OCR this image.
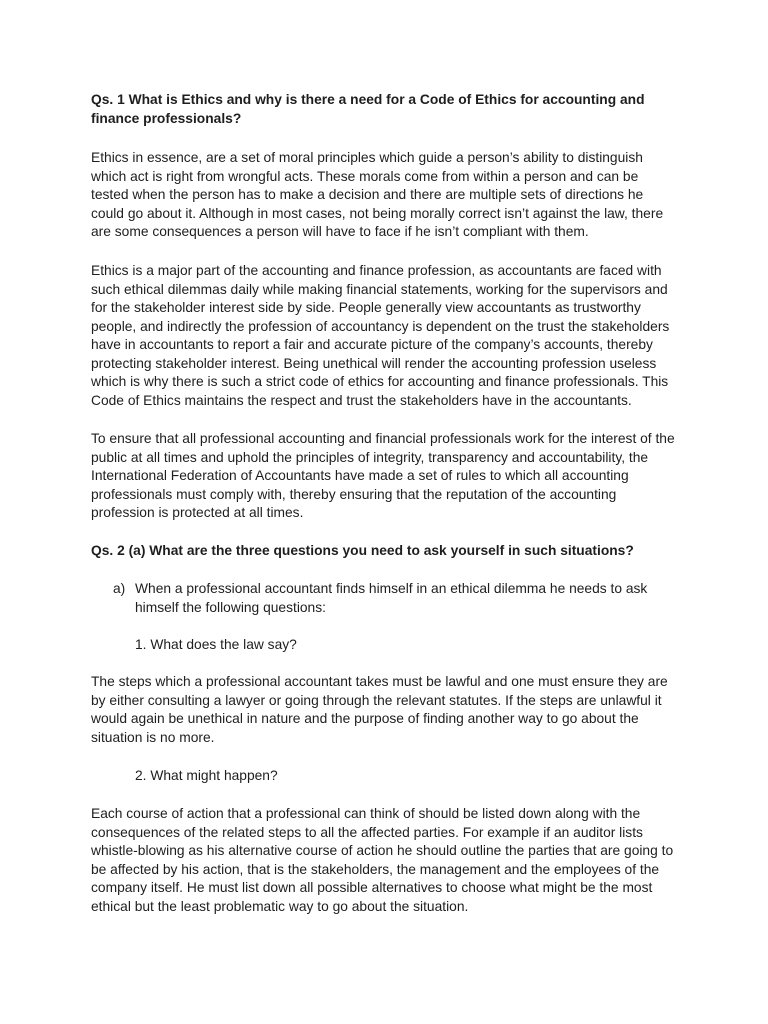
Qs. 1 What is Ethics and why is there a need for a Code of Ethics for accounting and
finance professionals?
Ethics in essence, are a set of moral principles which guide a person’s ability to distinguish
which act is right from wrongful acts. These morals come from within a person and can be
tested when the person has to make a decision and there are multiple sets of directions he
could go about it. Although in most cases, not being morally correct isn’t against the law, there
are some consequences a person will have to face if he isn’t compliant with them.
Ethics is a major part of the accounting and finance profession, as accountants are faced with
such ethical dilemmas daily while making financial statements, working for the supervisors and
for the stakeholder interest side by side. People generally view accountants as trustworthy
people, and indirectly the profession of accountancy is dependent on the trust the stakeholders
have in accountants to report a fair and accurate picture of the company’s accounts, thereby
protecting stakeholder interest. Being unethical will render the accounting profession useless
which is why there is such a strict code of ethics for accounting and finance professionals. This
Code of Ethics maintains the respect and trust the stakeholders have in the accountants.
To ensure that all professional accounting and financial professionals work for the interest of the
public at all times and uphold the principles of integrity, transparency and accountability, the
International Federation of Accountants have made a set of rules to which all accounting
professionals must comply with, thereby ensuring that the reputation of the accounting
profession is protected at all times.
Qs. 2 (a) What are the three questions you need to ask yourself in such situations?
a) When a professional accountant finds himself in an ethical dilemma he needs to ask
himself the following questions:
1. What does the law say?
The steps which a professional accountant takes must be lawful and one must ensure they are
by either consulting a lawyer or going through the relevant statutes. If the steps are unlawful it
would again be unethical in nature and the purpose of finding another way to go about the
situation is no more.
2. What might happen?
Each course of action that a professional can think of should be listed down along with the
consequences of the related steps to all the affected parties. For example if an auditor lists
whistle-blowing as his alternative course of action he should outline the parties that are going to
be affected by his action, that is the stakeholders, the management and the employees of the
company itself. He must list down all possible alternatives to choose what might be the most
ethical but the least problematic way to go about the situation.
